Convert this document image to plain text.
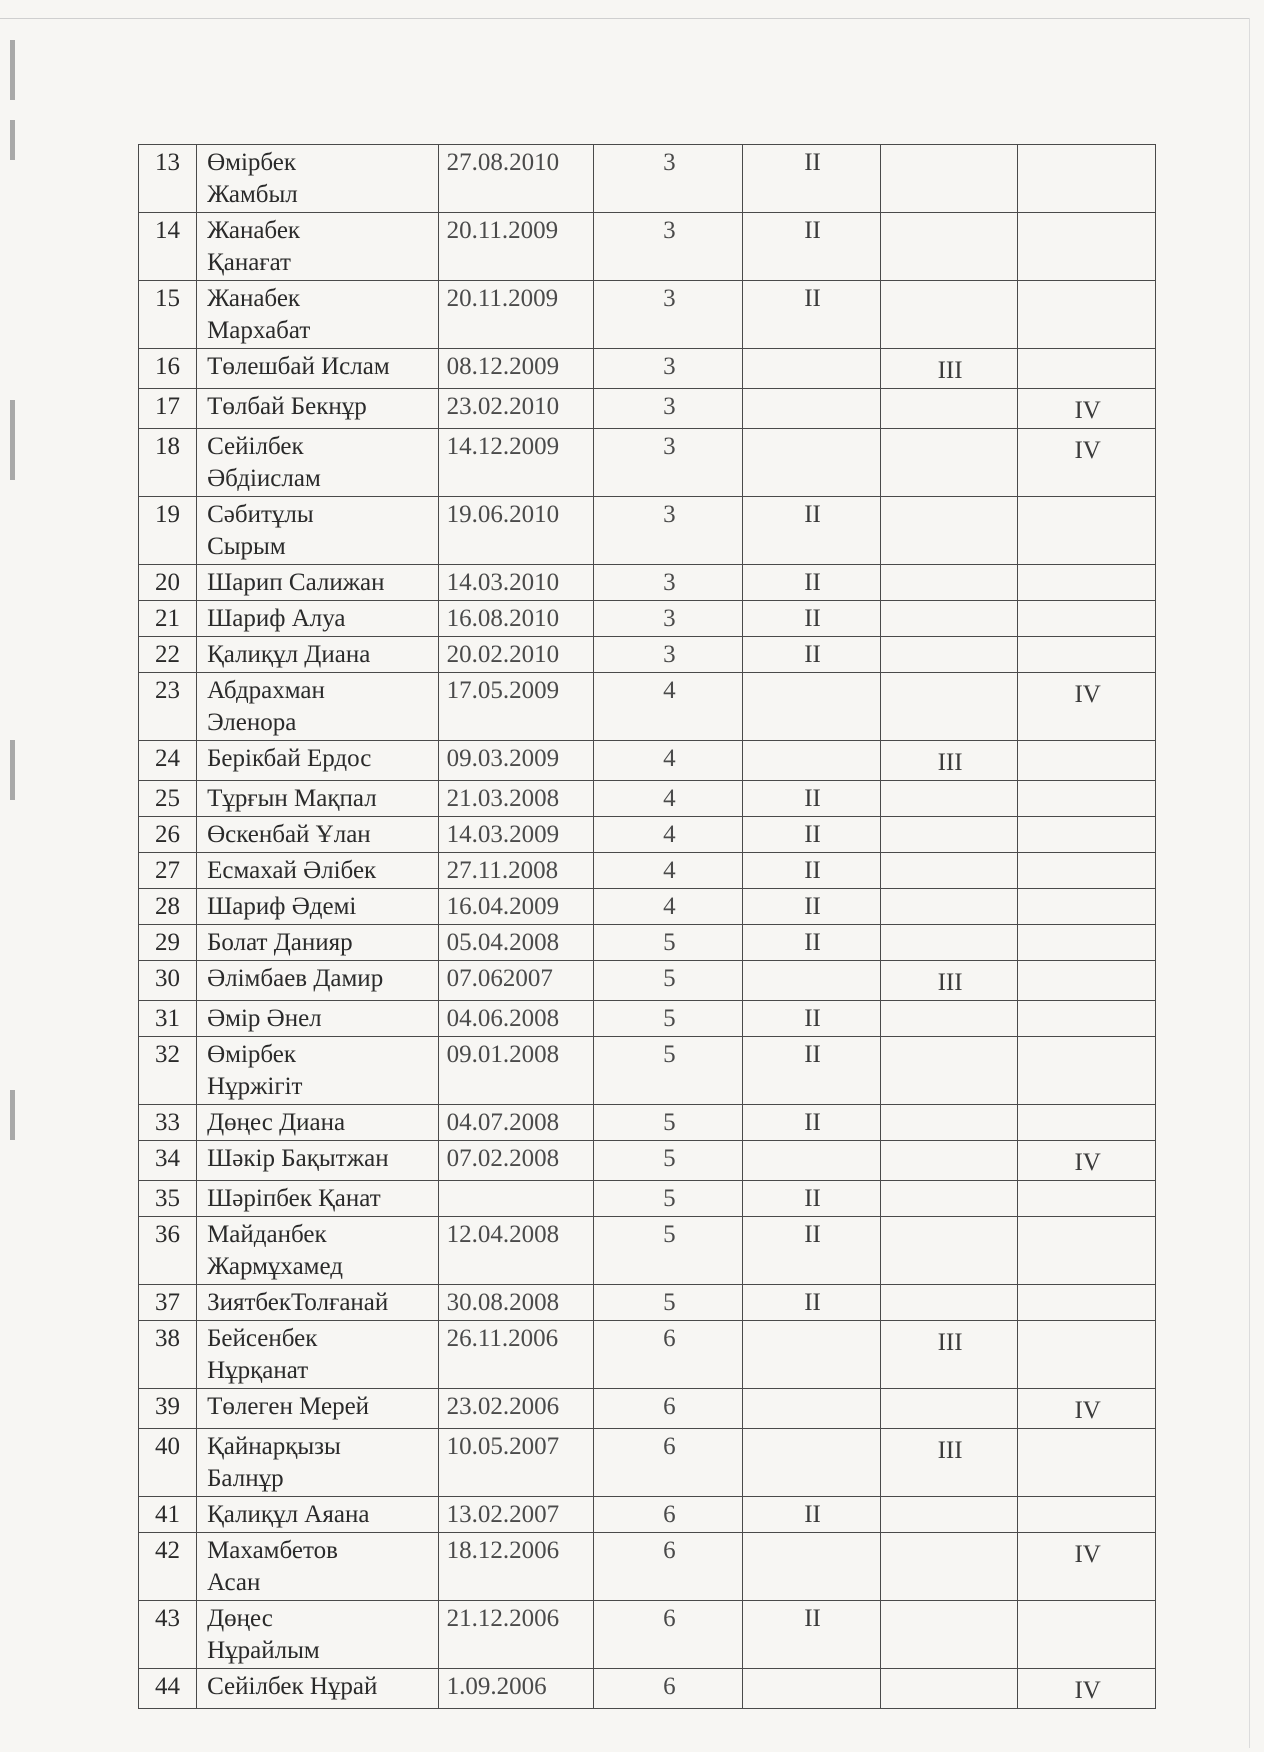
13	Өмірбек
Жамбыл	27.08.2010	3	II		
14	Жанабек
Қанағат	20.11.2009	3	II		
15	Жанабек
Мархабат	20.11.2009	3	II		
16	Төлешбай Ислам	08.12.2009	3		III	
17	Төлбай Бекнұр	23.02.2010	3			IV
18	Сейілбек
Әбдіислам	14.12.2009	3			IV
19	Сәбитұлы
Сырым	19.06.2010	3	II		
20	Шарип Салижан	14.03.2010	3	II		
21	Шариф Алуа	16.08.2010	3	II		
22	Қалиқұл Диана	20.02.2010	3	II		
23	Абдрахман
Эленора	17.05.2009	4			IV
24	Берікбай Ердос	09.03.2009	4		III	
25	Тұрғын Мақпал	21.03.2008	4	II		
26	Өскенбай Ұлан	14.03.2009	4	II		
27	Есмахай Әлібек	27.11.2008	4	II		
28	Шариф Әдемі	16.04.2009	4	II		
29	Болат Данияр	05.04.2008	5	II		
30	Әлімбаев Дамир	07.062007	5		III	
31	Әмір Әнел	04.06.2008	5	II		
32	Өмірбек
Нұржігіт	09.01.2008	5	II		
33	Дөңес Диана	04.07.2008	5	II		
34	Шәкір Бақытжан	07.02.2008	5			IV
35	Шәріпбек Қанат		5	II		
36	Майданбек
Жармұхамед	12.04.2008	5	II		
37	ЗиятбекТолғанай	30.08.2008	5	II		
38	Бейсенбек
Нұрқанат	26.11.2006	6		III	
39	Төлеген Мерей	23.02.2006	6			IV
40	Қайнарқызы
Балнұр	10.05.2007	6		III	
41	Қалиқұл Аяана	13.02.2007	6	II		
42	Махамбетов
Асан	18.12.2006	6			IV
43	Дөңес
Нұрайлым	21.12.2006	6	II		
44	Сейілбек Нұрай	1.09.2006	6			IV
